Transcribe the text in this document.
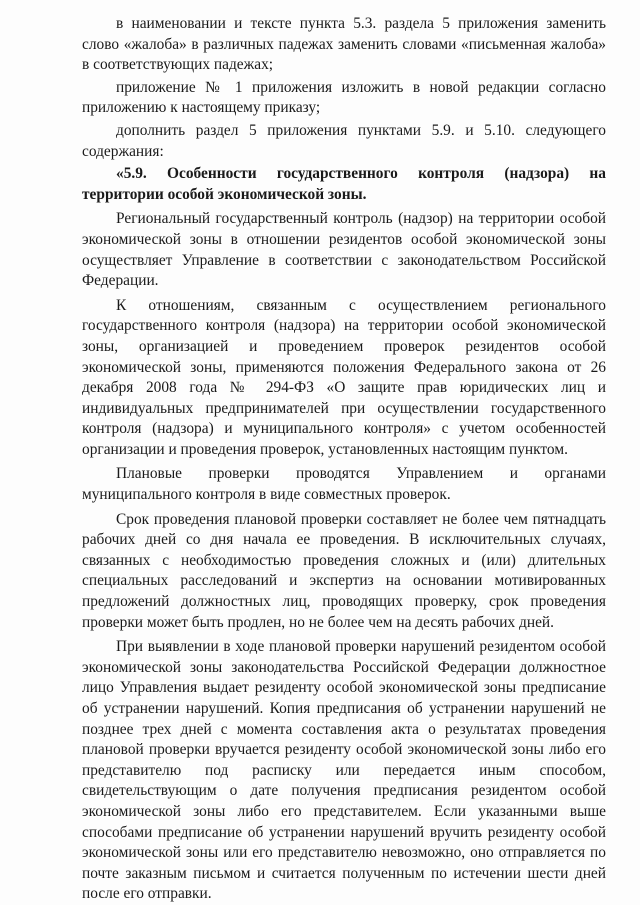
в наименовании и тексте пункта 5.3. раздела 5 приложения заменить слово «жалоба» в различных падежах заменить словами «письменная жалоба» в соответствующих падежах;

приложение № 1 приложения изложить в новой редакции согласно приложению к настоящему приказу;

дополнить раздел 5 приложения пунктами 5.9. и 5.10. следующего содержания:

«5.9. Особенности государственного контроля (надзора) на территории особой экономической зоны.

Региональный государственный контроль (надзор) на территории особой экономической зоны в отношении резидентов особой экономической зоны осуществляет Управление в соответствии с законодательством Российской Федерации.

К отношениям, связанным с осуществлением регионального государственного контроля (надзора) на территории особой экономической зоны, организацией и проведением проверок резидентов особой экономической зоны, применяются положения Федерального закона от 26 декабря 2008 года № 294-ФЗ «О защите прав юридических лиц и индивидуальных предпринимателей при осуществлении государственного контроля (надзора) и муниципального контроля» с учетом особенностей организации и проведения проверок, установленных настоящим пунктом.

Плановые проверки проводятся Управлением и органами муниципального контроля в виде совместных проверок.

Срок проведения плановой проверки составляет не более чем пятнадцать рабочих дней со дня начала ее проведения. В исключительных случаях, связанных с необходимостью проведения сложных и (или) длительных специальных расследований и экспертиз на основании мотивированных предложений должностных лиц, проводящих проверку, срок проведения проверки может быть продлен, но не более чем на десять рабочих дней.

При выявлении в ходе плановой проверки нарушений резидентом особой экономической зоны законодательства Российской Федерации должностное лицо Управления выдает резиденту особой экономической зоны предписание об устранении нарушений. Копия предписания об устранении нарушений не позднее трех дней с момента составления акта о результатах проведения плановой проверки вручается резиденту особой экономической зоны либо его представителю под расписку или передается иным способом, свидетельствующим о дате получения предписания резидентом особой экономической зоны либо его представителем. Если указанными выше способами предписание об устранении нарушений вручить резиденту особой экономической зоны или его представителю невозможно, оно отправляется по почте заказным письмом и считается полученным по истечении шести дней после его отправки.
